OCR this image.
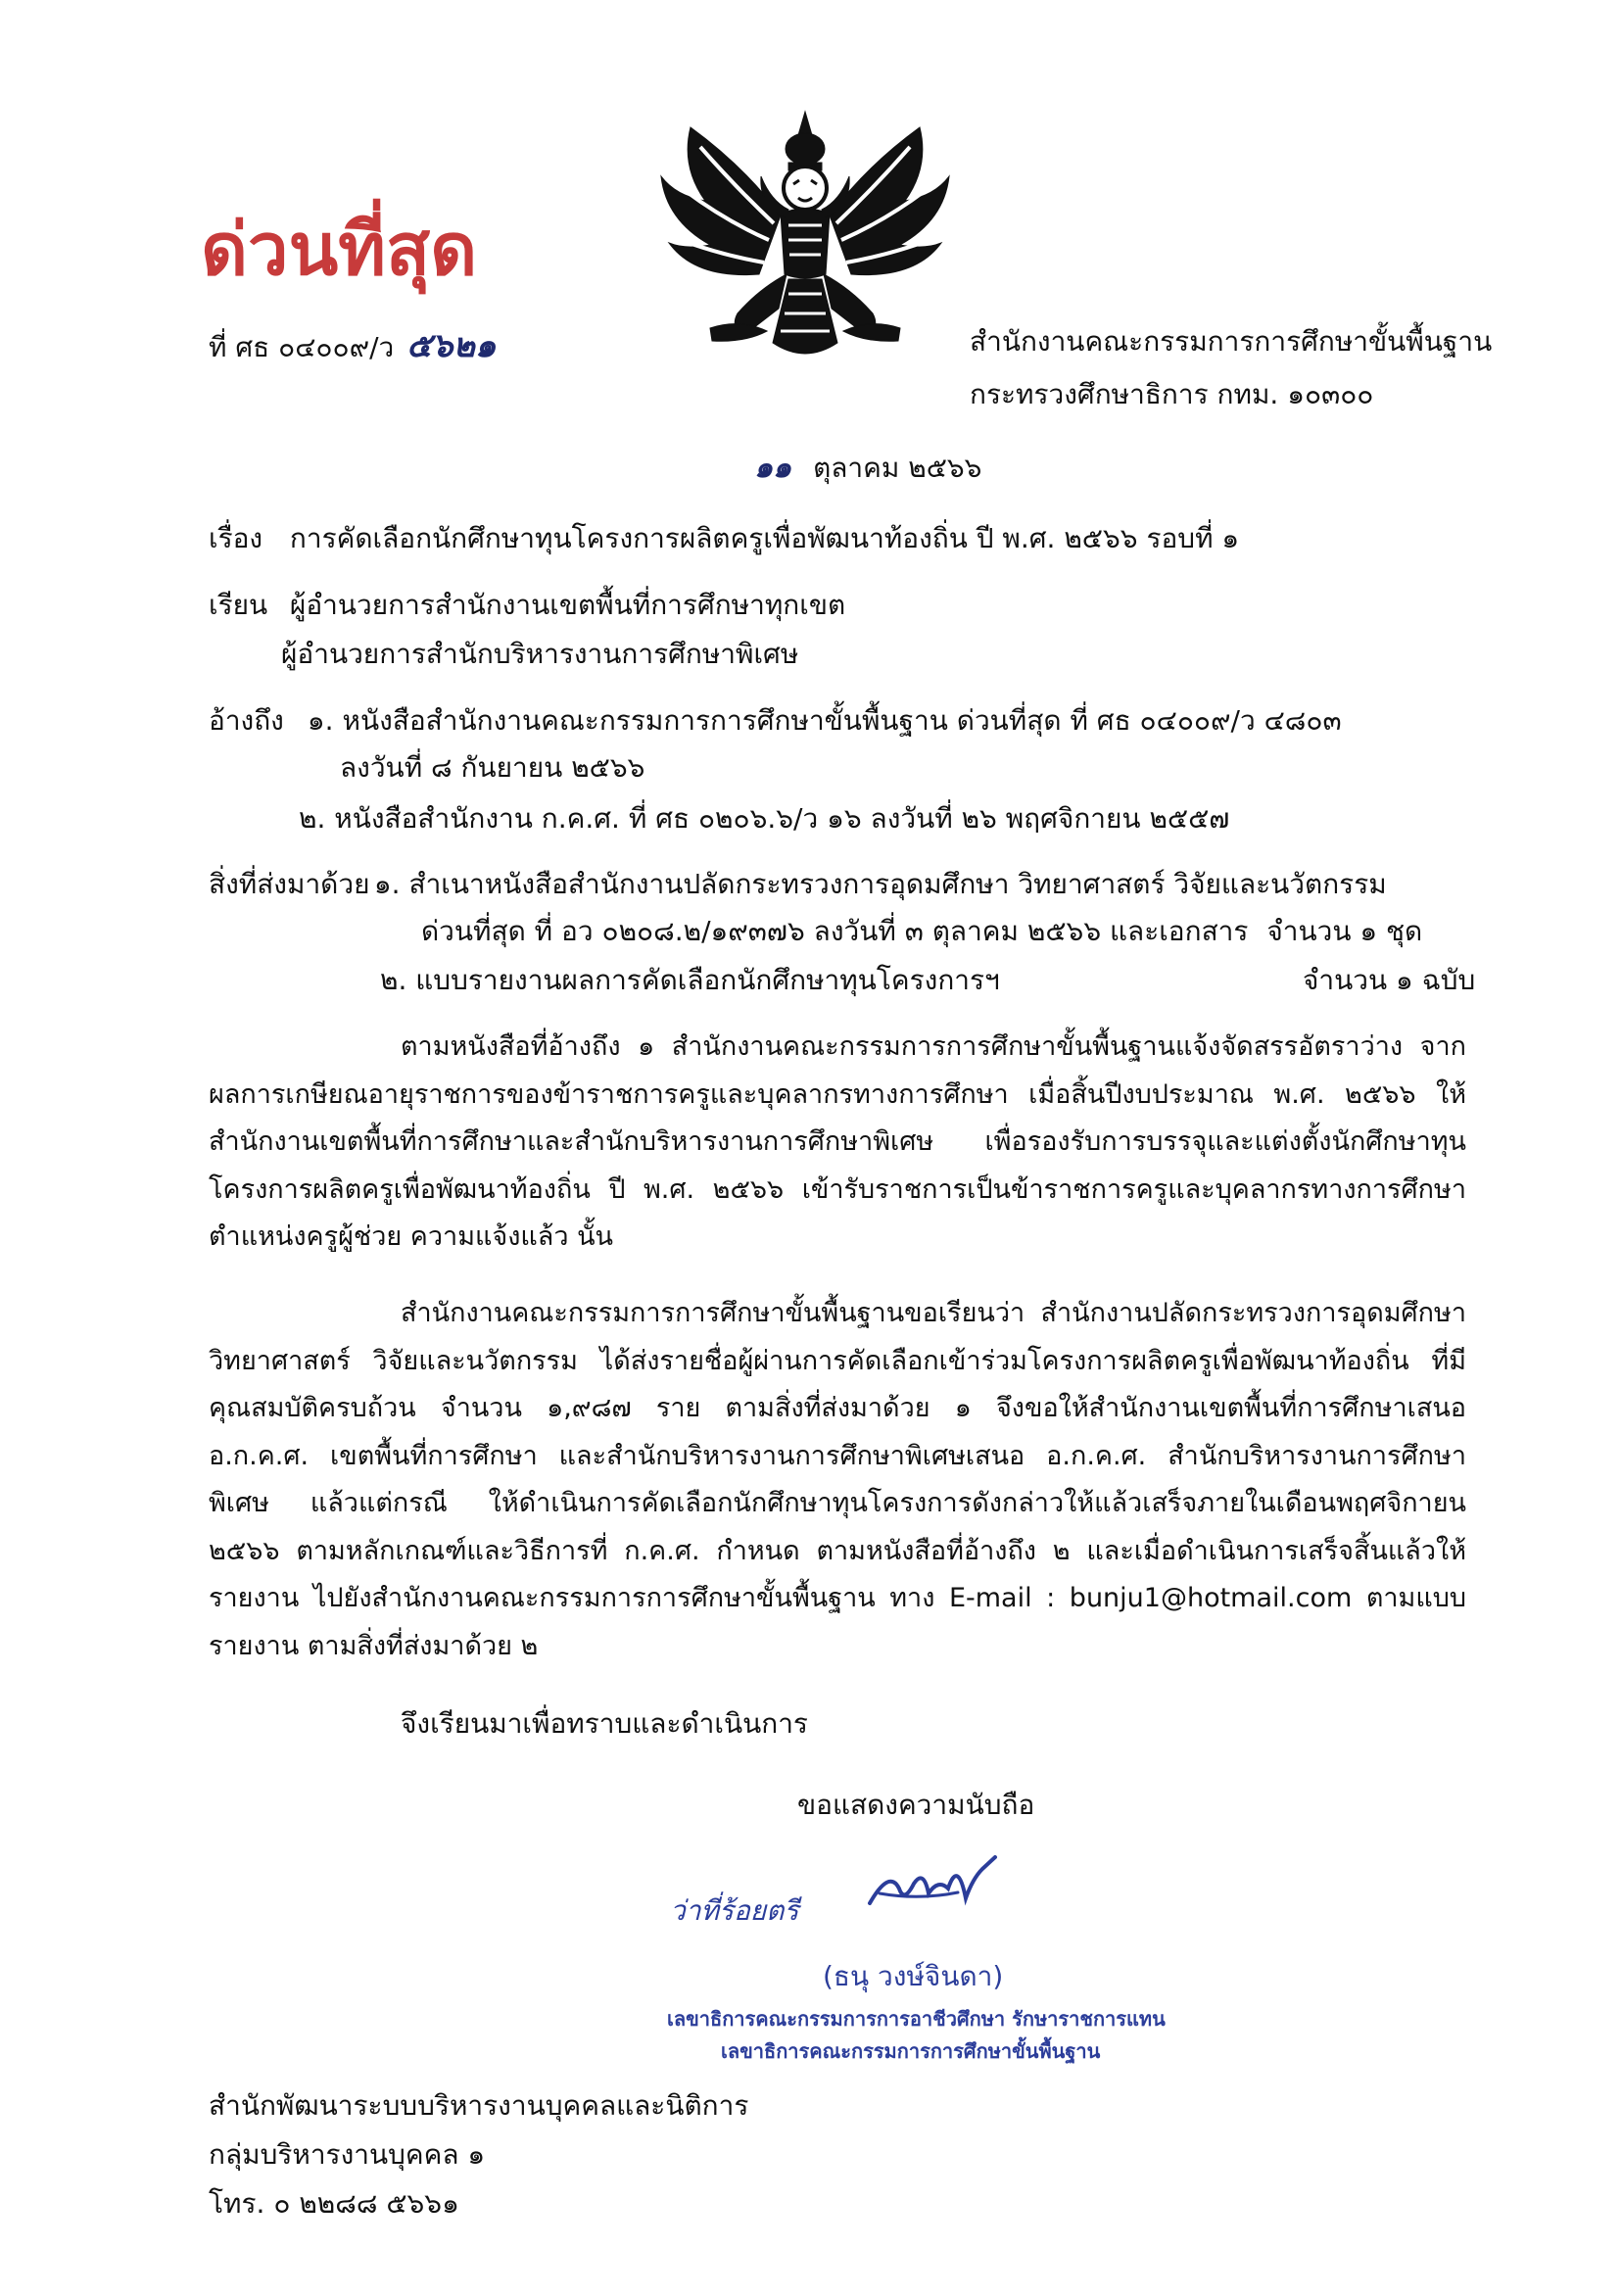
ด่วนที่สุด
ที่ ศธ ๐๔๐๐๙/ว ๕๖๒๑	สำนักงานคณะกรรมการการศึกษาขั้นพื้นฐาน
กระทรวงศึกษาธิการ กทม. ๑๐๓๐๐
๑๑ ตุลาคม ๒๕๖๖
เรื่อง การคัดเลือกนักศึกษาทุนโครงการผลิตครูเพื่อพัฒนาท้องถิ่น ปี พ.ศ. ๒๕๖๖ รอบที่ ๑
เรียน ผู้อำนวยการสำนักงานเขตพื้นที่การศึกษาทุกเขต
ผู้อำนวยการสำนักบริหารงานการศึกษาพิเศษ
อ้างถึง ๑. หนังสือสำนักงานคณะกรรมการการศึกษาขั้นพื้นฐาน ด่วนที่สุด ที่ ศธ ๐๔๐๐๙/ว ๔๘๐๓
ลงวันที่ ๘ กันยายน ๒๕๖๖
๒. หนังสือสำนักงาน ก.ค.ศ. ที่ ศธ ๐๒๐๖.๖/ว ๑๖ ลงวันที่ ๒๖ พฤศจิกายน ๒๕๕๗
สิ่งที่ส่งมาด้วย ๑. สำเนาหนังสือสำนักงานปลัดกระทรวงการอุดมศึกษา วิทยาศาสตร์ วิจัยและนวัตกรรม
ด่วนที่สุด ที่ อว ๐๒๐๘.๒/๑๙๓๗๖ ลงวันที่ ๓ ตุลาคม ๒๕๖๖ และเอกสาร จำนวน ๑ ชุด
๒. แบบรายงานผลการคัดเลือกนักศึกษาทุนโครงการฯ	จำนวน ๑ ฉบับ
ตามหนังสือที่อ้างถึง ๑ สำนักงานคณะกรรมการการศึกษาขั้นพื้นฐานแจ้งจัดสรรอัตราว่าง จากผลการเกษียณอายุราชการของข้าราชการครูและบุคลากรทางการศึกษา เมื่อสิ้นปีงบประมาณ พ.ศ. ๒๕๖๖ ให้สำนักงานเขตพื้นที่การศึกษาและสำนักบริหารงานการศึกษาพิเศษ เพื่อรองรับการบรรจุและแต่งตั้งนักศึกษาทุน โครงการผลิตครูเพื่อพัฒนาท้องถิ่น ปี พ.ศ. ๒๕๖๖ เข้ารับราชการเป็นข้าราชการครูและบุคลากรทางการศึกษา ตำแหน่งครูผู้ช่วย ความแจ้งแล้ว นั้น
สำนักงานคณะกรรมการการศึกษาขั้นพื้นฐานขอเรียนว่า สำนักงานปลัดกระทรวงการอุดมศึกษา วิทยาศาสตร์ วิจัยและนวัตกรรม ได้ส่งรายชื่อผู้ผ่านการคัดเลือกเข้าร่วมโครงการผลิตครูเพื่อพัฒนาท้องถิ่น ที่มีคุณสมบัติครบถ้วน จำนวน ๑,๙๘๗ ราย ตามสิ่งที่ส่งมาด้วย ๑ จึงขอให้สำนักงานเขตพื้นที่การศึกษาเสนอ อ.ก.ค.ศ. เขตพื้นที่การศึกษา และสำนักบริหารงานการศึกษาพิเศษเสนอ อ.ก.ค.ศ. สำนักบริหารงานการศึกษาพิเศษ แล้วแต่กรณี ให้ดำเนินการคัดเลือกนักศึกษาทุนโครงการดังกล่าวให้แล้วเสร็จภายในเดือนพฤศจิกายน ๒๕๖๖ ตามหลักเกณฑ์และวิธีการที่ ก.ค.ศ. กำหนด ตามหนังสือที่อ้างถึง ๒ และเมื่อดำเนินการเสร็จสิ้นแล้วให้รายงาน ไปยังสำนักงานคณะกรรมการการศึกษาขั้นพื้นฐาน ทาง E-mail : bunju1@hotmail.com ตามแบบรายงาน ตามสิ่งที่ส่งมาด้วย ๒
จึงเรียนมาเพื่อทราบและดำเนินการ
ขอแสดงความนับถือ
ว่าที่ร้อยตรี
(ธนุ วงษ์จินดา)
เลขาธิการคณะกรรมการการอาชีวศึกษา รักษาราชการแทน
เลขาธิการคณะกรรมการการศึกษาขั้นพื้นฐาน
สำนักพัฒนาระบบบริหารงานบุคคลและนิติการ
กลุ่มบริหารงานบุคคล ๑
โทร. ๐ ๒๒๘๘ ๕๖๖๑
